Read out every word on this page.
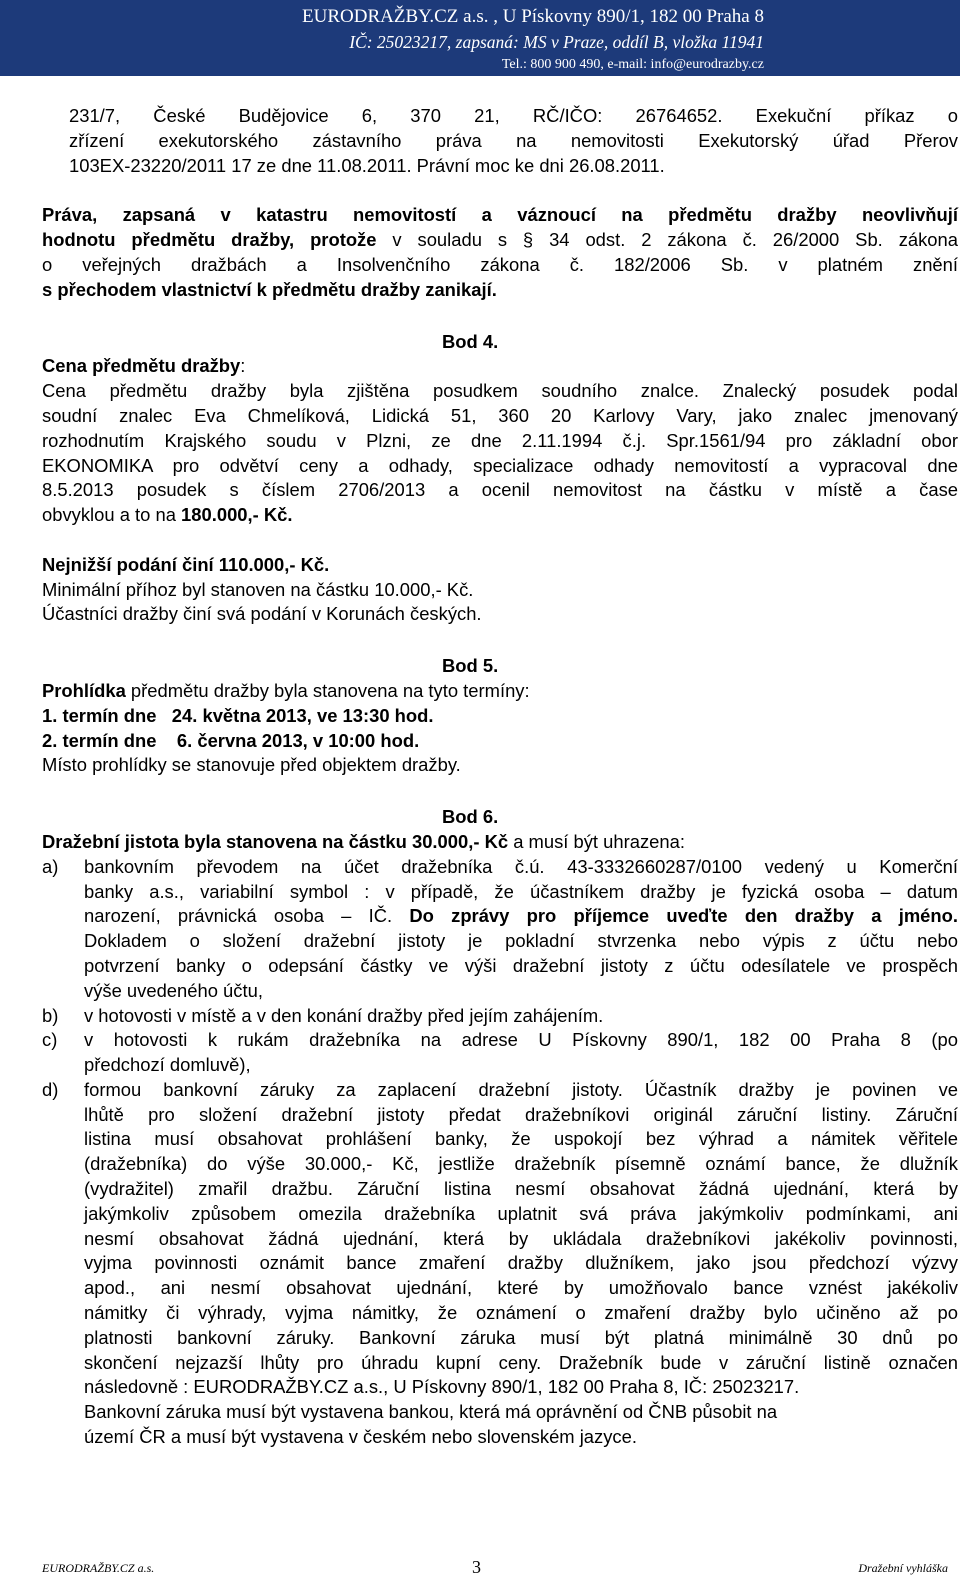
EURODRAŽBY.CZ a.s. , U Pískovny 890/1, 182 00 Praha 8
IČ: 25023217, zapsaná: MS v Praze, oddíl B, vložka 11941
Tel.: 800 900 490, e-mail: info@eurodrazby.cz

231/7, České Budějovice 6, 370 21, RČ/IČO: 26764652. Exekuční příkaz o

zřízení exekutorského zástavního práva na nemovitosti Exekutorský úřad Přerov

103EX-23220/2011 17 ze dne 11.08.2011. Právní moc ke dni 26.08.2011.

Práva, zapsaná v katastru nemovitostí a váznoucí na předmětu dražby neovlivňují

hodnotu předmětu dražby, protože v souladu s § 34 odst. 2 zákona č. 26/2000 Sb. zákona

o veřejných dražbách a Insolvenčního zákona č. 182/2006 Sb. v platném znění

s přechodem vlastnictví k předmětu dražby zanikají.

Bod 4.

Cena předmětu dražby:

Cena předmětu dražby byla zjištěna posudkem soudního znalce. Znalecký posudek podal

soudní znalec Eva Chmelíková, Lidická 51, 360 20 Karlovy Vary, jako znalec jmenovaný

rozhodnutím Krajského soudu v Plzni, ze dne 2.11.1994 č.j. Spr.1561/94 pro základní obor

EKONOMIKA pro odvětví ceny a odhady, specializace odhady nemovitostí a vypracoval dne

8.5.2013 posudek s číslem 2706/2013 a ocenil nemovitost na částku v místě a čase

obvyklou a to na 180.000,- Kč.

Nejnižší podání činí 110.000,- Kč.

Minimální příhoz byl stanoven na částku 10.000,- Kč.

Účastníci dražby činí svá podání v Korunách českých.

Bod 5.

Prohlídka předmětu dražby byla stanovena na tyto termíny:

1. termín dne   24. května 2013, ve 13:30 hod.

2. termín dne    6. června 2013, v 10:00 hod.

Místo prohlídky se stanovuje před objektem dražby.

Bod 6.

Dražební jistota byla stanovena na částku 30.000,- Kč a musí být uhrazena:

a) bankovním převodem na účet dražebníka č.ú. 43-3332660287/0100 vedený u Komerční

banky a.s., variabilní symbol : v případě, že účastníkem dražby je fyzická osoba – datum

narození, právnická osoba – IČ. Do zprávy pro příjemce uveďte den dražby a jméno.

Dokladem o složení dražební jistoty je pokladní stvrzenka nebo výpis z účtu nebo

potvrzení banky o odepsání částky ve výši dražební jistoty z účtu odesílatele ve prospěch

výše uvedeného účtu,

b) v hotovosti v místě a v den konání dražby před jejím zahájením.

c) v hotovosti k rukám dražebníka na adrese U Pískovny 890/1, 182 00 Praha 8 (po

předchozí domluvě),

d) formou bankovní záruky za zaplacení dražební jistoty. Účastník dražby je povinen ve

lhůtě pro složení dražební jistoty předat dražebníkovi originál záruční listiny. Záruční

listina musí obsahovat prohlášení banky, že uspokojí bez výhrad a námitek věřitele

(dražebníka) do výše 30.000,- Kč, jestliže dražebník písemně oznámí bance, že dlužník

(vydražitel) zmařil dražbu. Záruční listina nesmí obsahovat žádná ujednání, která by

jakýmkoliv způsobem omezila dražebníka uplatnit svá práva jakýmkoliv podmínkami, ani

nesmí obsahovat žádná ujednání, která by ukládala dražebníkovi jakékoliv povinnosti,

vyjma povinnosti oznámit bance zmaření dražby dlužníkem, jako jsou předchozí výzvy

apod., ani nesmí obsahovat ujednání, které by umožňovalo bance vznést jakékoliv

námitky či výhrady, vyjma námitky, že oznámení o zmaření dražby bylo učiněno až po

platnosti bankovní záruky. Bankovní záruka musí být platná minimálně 30 dnů po

skončení nejzazší lhůty pro úhradu kupní ceny. Dražebník bude v záruční listině označen

následovně : EURODRAŽBY.CZ a.s., U Pískovny 890/1, 182 00 Praha 8, IČ: 25023217.

Bankovní záruka musí být vystavena bankou, která má oprávnění od ČNB působit na

území ČR a musí být vystavena v českém nebo slovenském jazyce.

EURODRAŽBY.CZ a.s.	3	Dražební vyhláška
